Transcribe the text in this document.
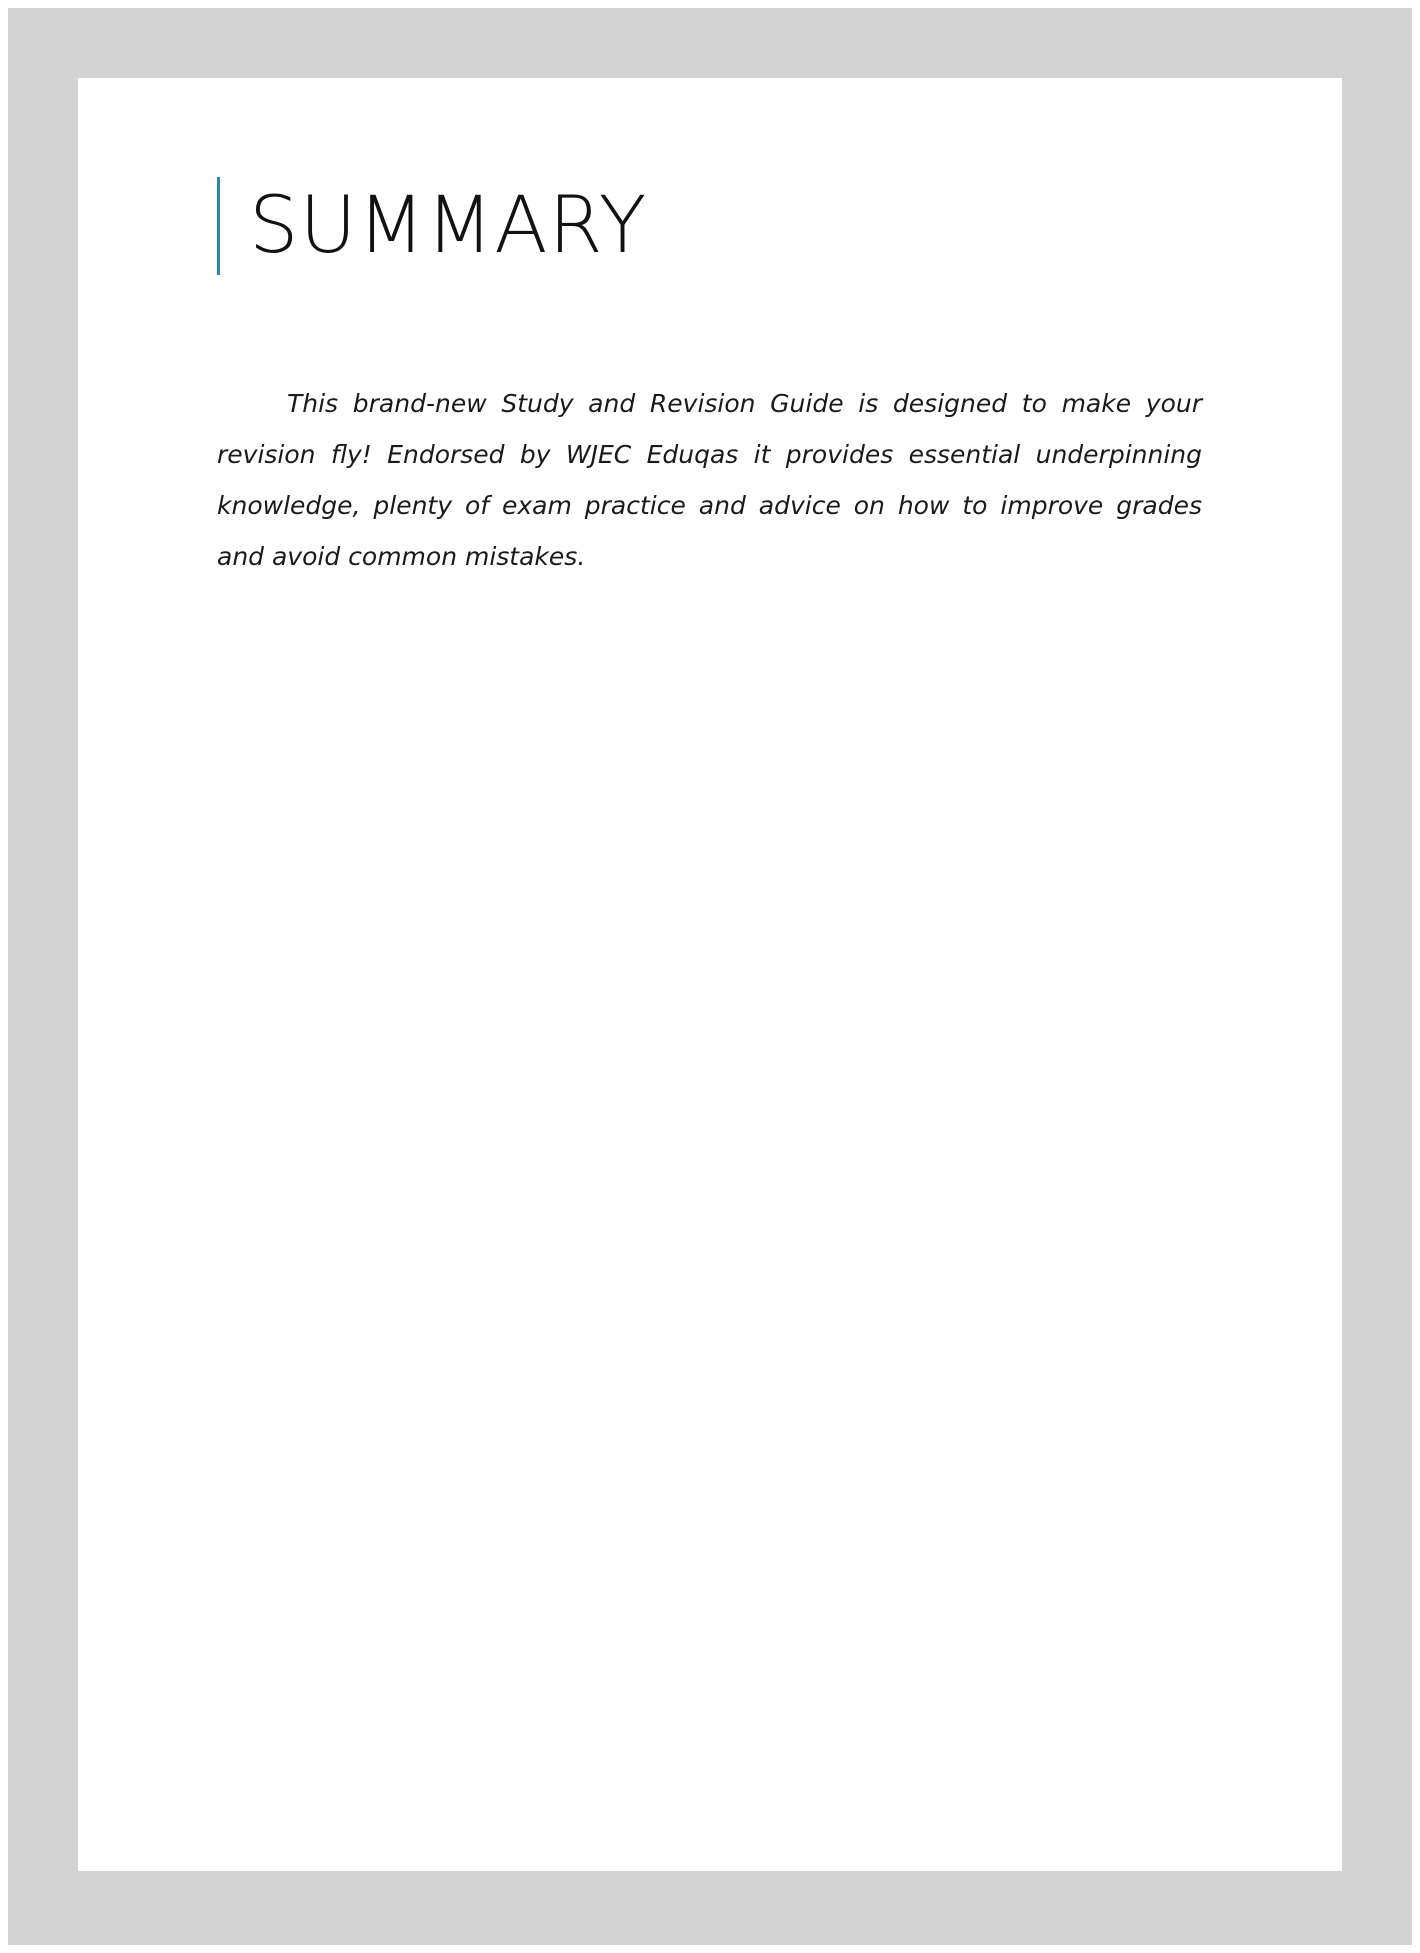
SUMMARY

This brand-new Study and Revision Guide is designed to make your revision fly! Endorsed by WJEC Eduqas it provides essential underpinning knowledge, plenty of exam practice and advice on how to improve grades and avoid common mistakes.
